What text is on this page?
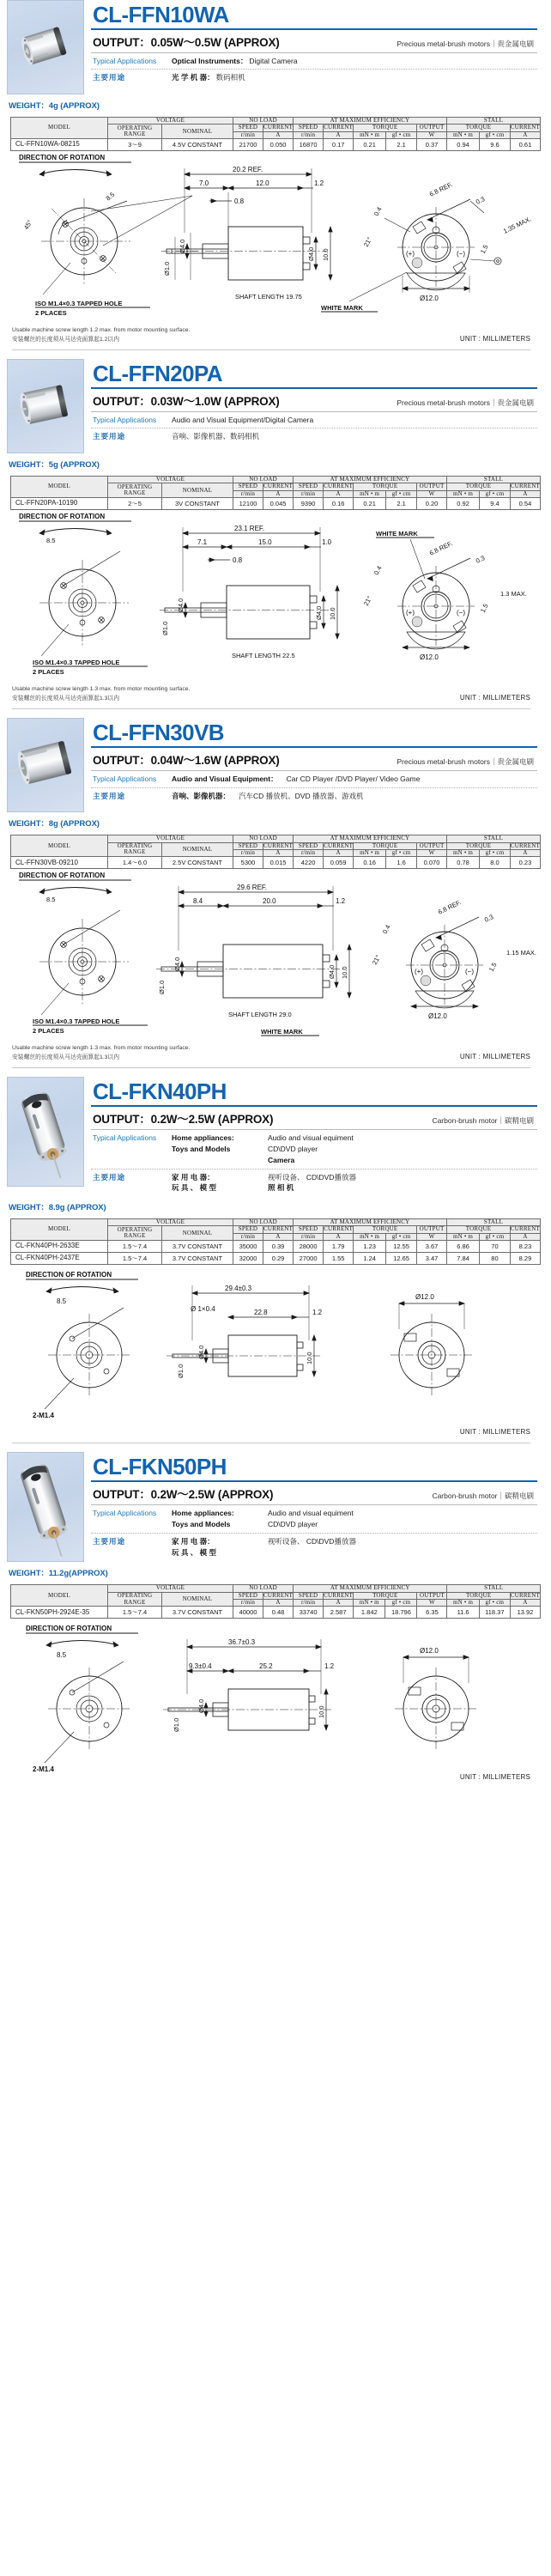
CL-FFN10WA
OUTPUT：0.05W～0.5W (APPROX)	Precious metal-brush motors｜贵金属电刷
Typical Applications	Optical Instruments： Digital Camera
主要用途	光 学 机 器： 数码相机
WEIGHT：4g (APPROX)
MODEL	VOLTAGE		NO LOAD		AT MAXIMUM EFFICIENCY					STALL		
	OPERATING RANGE	NOMINAL	SPEED	CURRENT	SPEED	CURRENT	TORQUE		OUTPUT	TORQUE		CURRENT
			r/min	A	r/min	A	mN • m	gf • cm	W	mN • m	gf • cm	A
CL-FFN10WA-08215	3～9	4.5V CONSTANT	21700	0.050	16870	0.17	0.21	2.1	0.37	0.94	9.6	0.61
DIRECTION OF ROTATION
45°
8.5
ISO M1.4×0.3 TAPPED HOLE
2 PLACES
20.2 REF.
7.0	12.0	1.2
0.8
Ø4.0
Ø1.0
Ø4.0 10.0
SHAFT LENGTH 19.75
(+)	(−)
6.8 REF.
0.3
0.4
21°
1.5
1.35 MAX.
Ø12.0
WHITE MARK
Usable machine screw length 1.2 max. from motor mounting surface.
安装螺丝的长度须从马达壳面算起1.2以内	UNIT : MILLIMETERS
CL-FFN20PA
OUTPUT：0.03W～1.0W (APPROX)	Precious metal-brush motors｜贵金属电刷
Typical Applications	Audio and Visual Equipment/Digital Camera
主要用途	音响、影像机器、数码相机
WEIGHT：5g (APPROX)
MODEL	VOLTAGE		NO LOAD		AT MAXIMUM EFFICIENCY					STALL		
	OPERATING RANGE	NOMINAL	SPEED	CURRENT	SPEED	CURRENT	TORQUE		OUTPUT	TORQUE		CURRENT
			r/min	A	r/min	A	mN • m	gf • cm	W	mN • m	gf • cm	A
CL-FFN20PA-10190	2～5	3V CONSTANT	12100	0.045	9390	0.16	0.21	2.1	0.20	0.92	9.4	0.54
DIRECTION OF ROTATION
8.5
ISO M1.4×0.3 TAPPED HOLE
2 PLACES
23.1 REF.
7.1	15.0	1.0
0.8
Ø4.0
Ø1.0
Ø4.0 10.0
SHAFT LENGTH 22.5
(+)	(−)
6.8 REF.
0.3
0.4
21°
1.5
1.3 MAX.
Ø12.0
WHITE MARK
Usable machine screw length 1.3 max. from motor mounting surface.
安装螺丝的长度须从马达壳面算起1.3以内	UNIT : MILLIMETERS
CL-FFN30VB
OUTPUT：0.04W～1.6W (APPROX)	Precious metal-brush motors｜贵金属电刷
Typical Applications	Audio and Visual Equipment：	Car CD Player /DVD Player/ Video Game
主要用途	音响、影像机器：	汽车CD 播放机、DVD 播放器、游戏机
WEIGHT：8g (APPROX)
MODEL	VOLTAGE		NO LOAD		AT MAXIMUM EFFICIENCY					STALL		
	OPERATING RANGE	NOMINAL	SPEED	CURRENT	SPEED	CURRENT	TORQUE		OUTPUT	TORQUE		CURRENT
			r/min	A	r/min	A	mN • m	gf • cm	W	mN • m	gf • cm	A
CL-FFN30VB-09210	1.4～6.0	2.5V CONSTANT	5300	0.015	4220	0.059	0.16	1.6	0.070	0.78	8.0	0.23
DIRECTION OF ROTATION
8.5
ISO M1.4×0.3 TAPPED HOLE
2 PLACES
29.6 REF.
8.4	20.0	1.2
Ø4.0
Ø1.0
Ø4.0 10.0
SHAFT LENGTH 29.0
(+)	(−)
6.8 REF.
0.3
0.4
21°
1.5
1.15 MAX.
Ø12.0
WHITE MARK
Usable machine screw length 1.3 max. from motor mounting surface.
安装螺丝的长度须从马达壳面算起1.3以内	UNIT : MILLIMETERS
CL-FKN40PH
OUTPUT：0.2W～2.5W (APPROX)	Carbon-brush motor｜碳精电刷
Typical Applications	Home appliances:
Toys and Models
Audio and visual equiment
CD\DVD player
Camera
主要用途	家 用 电 器：
玩 具 、 模 型
视听设备、 CD\DVD播放器
照 相 机
WEIGHT：8.9g (APPROX)
MODEL	VOLTAGE		NO LOAD		AT MAXIMUM EFFICIENCY					STALL		
	OPERATING RANGE	NOMINAL	SPEED	CURRENT	SPEED	CURRENT	TORQUE		OUTPUT	TORQUE		CURRENT
			r/min	A	r/min	A	mN • m	gf • cm	W	mN • m	gf • cm	A
CL-FKN40PH-2633E	1.5～7.4	3.7V CONSTANT	35000	0.39	28000	1.79	1.23	12.55	3.67	6.86	70	8.23
CL-FKN40PH-2437E	1.5～7.4	3.7V CONSTANT	32000	0.29	27000	1.55	1.24	12.65	3.47	7.84	80	8.29
DIRECTION OF ROTATION
8.5
2-M1.4
29.4±0.3
Ø 1×0.4	22.8	1.2
Ø4.0
Ø1.0
10.0
Ø12.0
UNIT : MILLIMETERS
CL-FKN50PH
OUTPUT：0.2W～2.5W (APPROX)	Carbon-brush motor｜碳精电刷
Typical Applications	Home appliances:
Toys and Models
Audio and visual equiment
CD\DVD player
主要用途	家 用 电 器：
玩 具 、 模 型
视听设备、 CD\DVD播放器
WEIGHT：11.2g(APPROX)
MODEL	VOLTAGE		NO LOAD		AT MAXIMUM EFFICIENCY					STALL		
	OPERATING RANGE	NOMINAL	SPEED	CURRENT	SPEED	CURRENT	TORQUE		OUTPUT	TORQUE		CURRENT
			r/min	A	r/min	A	mN • m	gf • cm	W	mN • m	gf • cm	A
CL-FKN50PH-2924E-35	1.5～7.4	3.7V CONSTANT	40000	0.48	33740	2.587	1.842	18.796	6.35	11.6	118.37	13.92
DIRECTION OF ROTATION
8.5
2-M1.4
36.7±0.3
9.3±0.4	25.2	1.2
Ø4.0
Ø1.0
10.0
Ø12.0
UNIT : MILLIMETERS
